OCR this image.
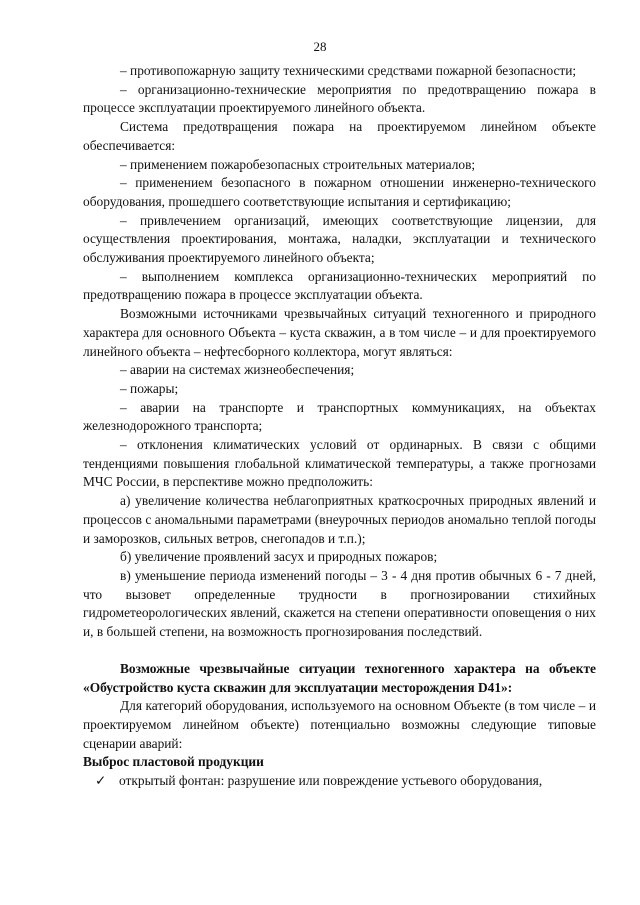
28

– противопожарную защиту техническими средствами пожарной безопасности;

– организационно-технические мероприятия по предотвращению пожара в процессе эксплуатации проектируемого линейного объекта.

Система предотвращения пожара на проектируемом линейном объекте обеспечивается:

– применением пожаробезопасных строительных материалов;

– применением безопасного в пожарном отношении инженерно-технического оборудования, прошедшего соответствующие испытания и сертификацию;

– привлечением организаций, имеющих соответствующие лицензии, для осуществления проектирования, монтажа, наладки, эксплуатации и технического обслуживания проектируемого линейного объекта;

– выполнением комплекса организационно-технических мероприятий по предотвращению пожара в процессе эксплуатации объекта.

Возможными источниками чрезвычайных ситуаций техногенного и природного характера для основного Объекта – куста скважин, а в том числе – и для проектируемого линейного объекта – нефтесборного коллектора, могут являться:

– аварии на системах жизнеобеспечения;

– пожары;

– аварии на транспорте и транспортных коммуникациях, на объектах железнодорожного транспорта;

– отклонения климатических условий от ординарных. В связи с общими тенденциями повышения глобальной климатической температуры, а также прогнозами МЧС России, в перспективе можно предположить:

а) увеличение количества неблагоприятных краткосрочных природных явлений и процессов с аномальными параметрами (внеурочных периодов аномально теплой погоды и заморозков, сильных ветров, снегопадов и т.п.);

б) увеличение проявлений засух и природных пожаров;

в) уменьшение периода изменений погоды – 3 - 4 дня против обычных 6 - 7 дней, что вызовет определенные трудности в прогнозировании стихийных гидрометеорологических явлений, скажется на степени оперативности оповещения о них и, в большей степени, на возможность прогнозирования последствий.

Возможные чрезвычайные ситуации техногенного характера на объекте «Обустройство куста скважин для эксплуатации месторождения D41»:

Для категорий оборудования, используемого на основном Объекте (в том числе – и проектируемом линейном объекте) потенциально возможны следующие типовые сценарии аварий:

Выброс пластовой продукции

✓ открытый фонтан: разрушение или повреждение устьевого оборудования,
